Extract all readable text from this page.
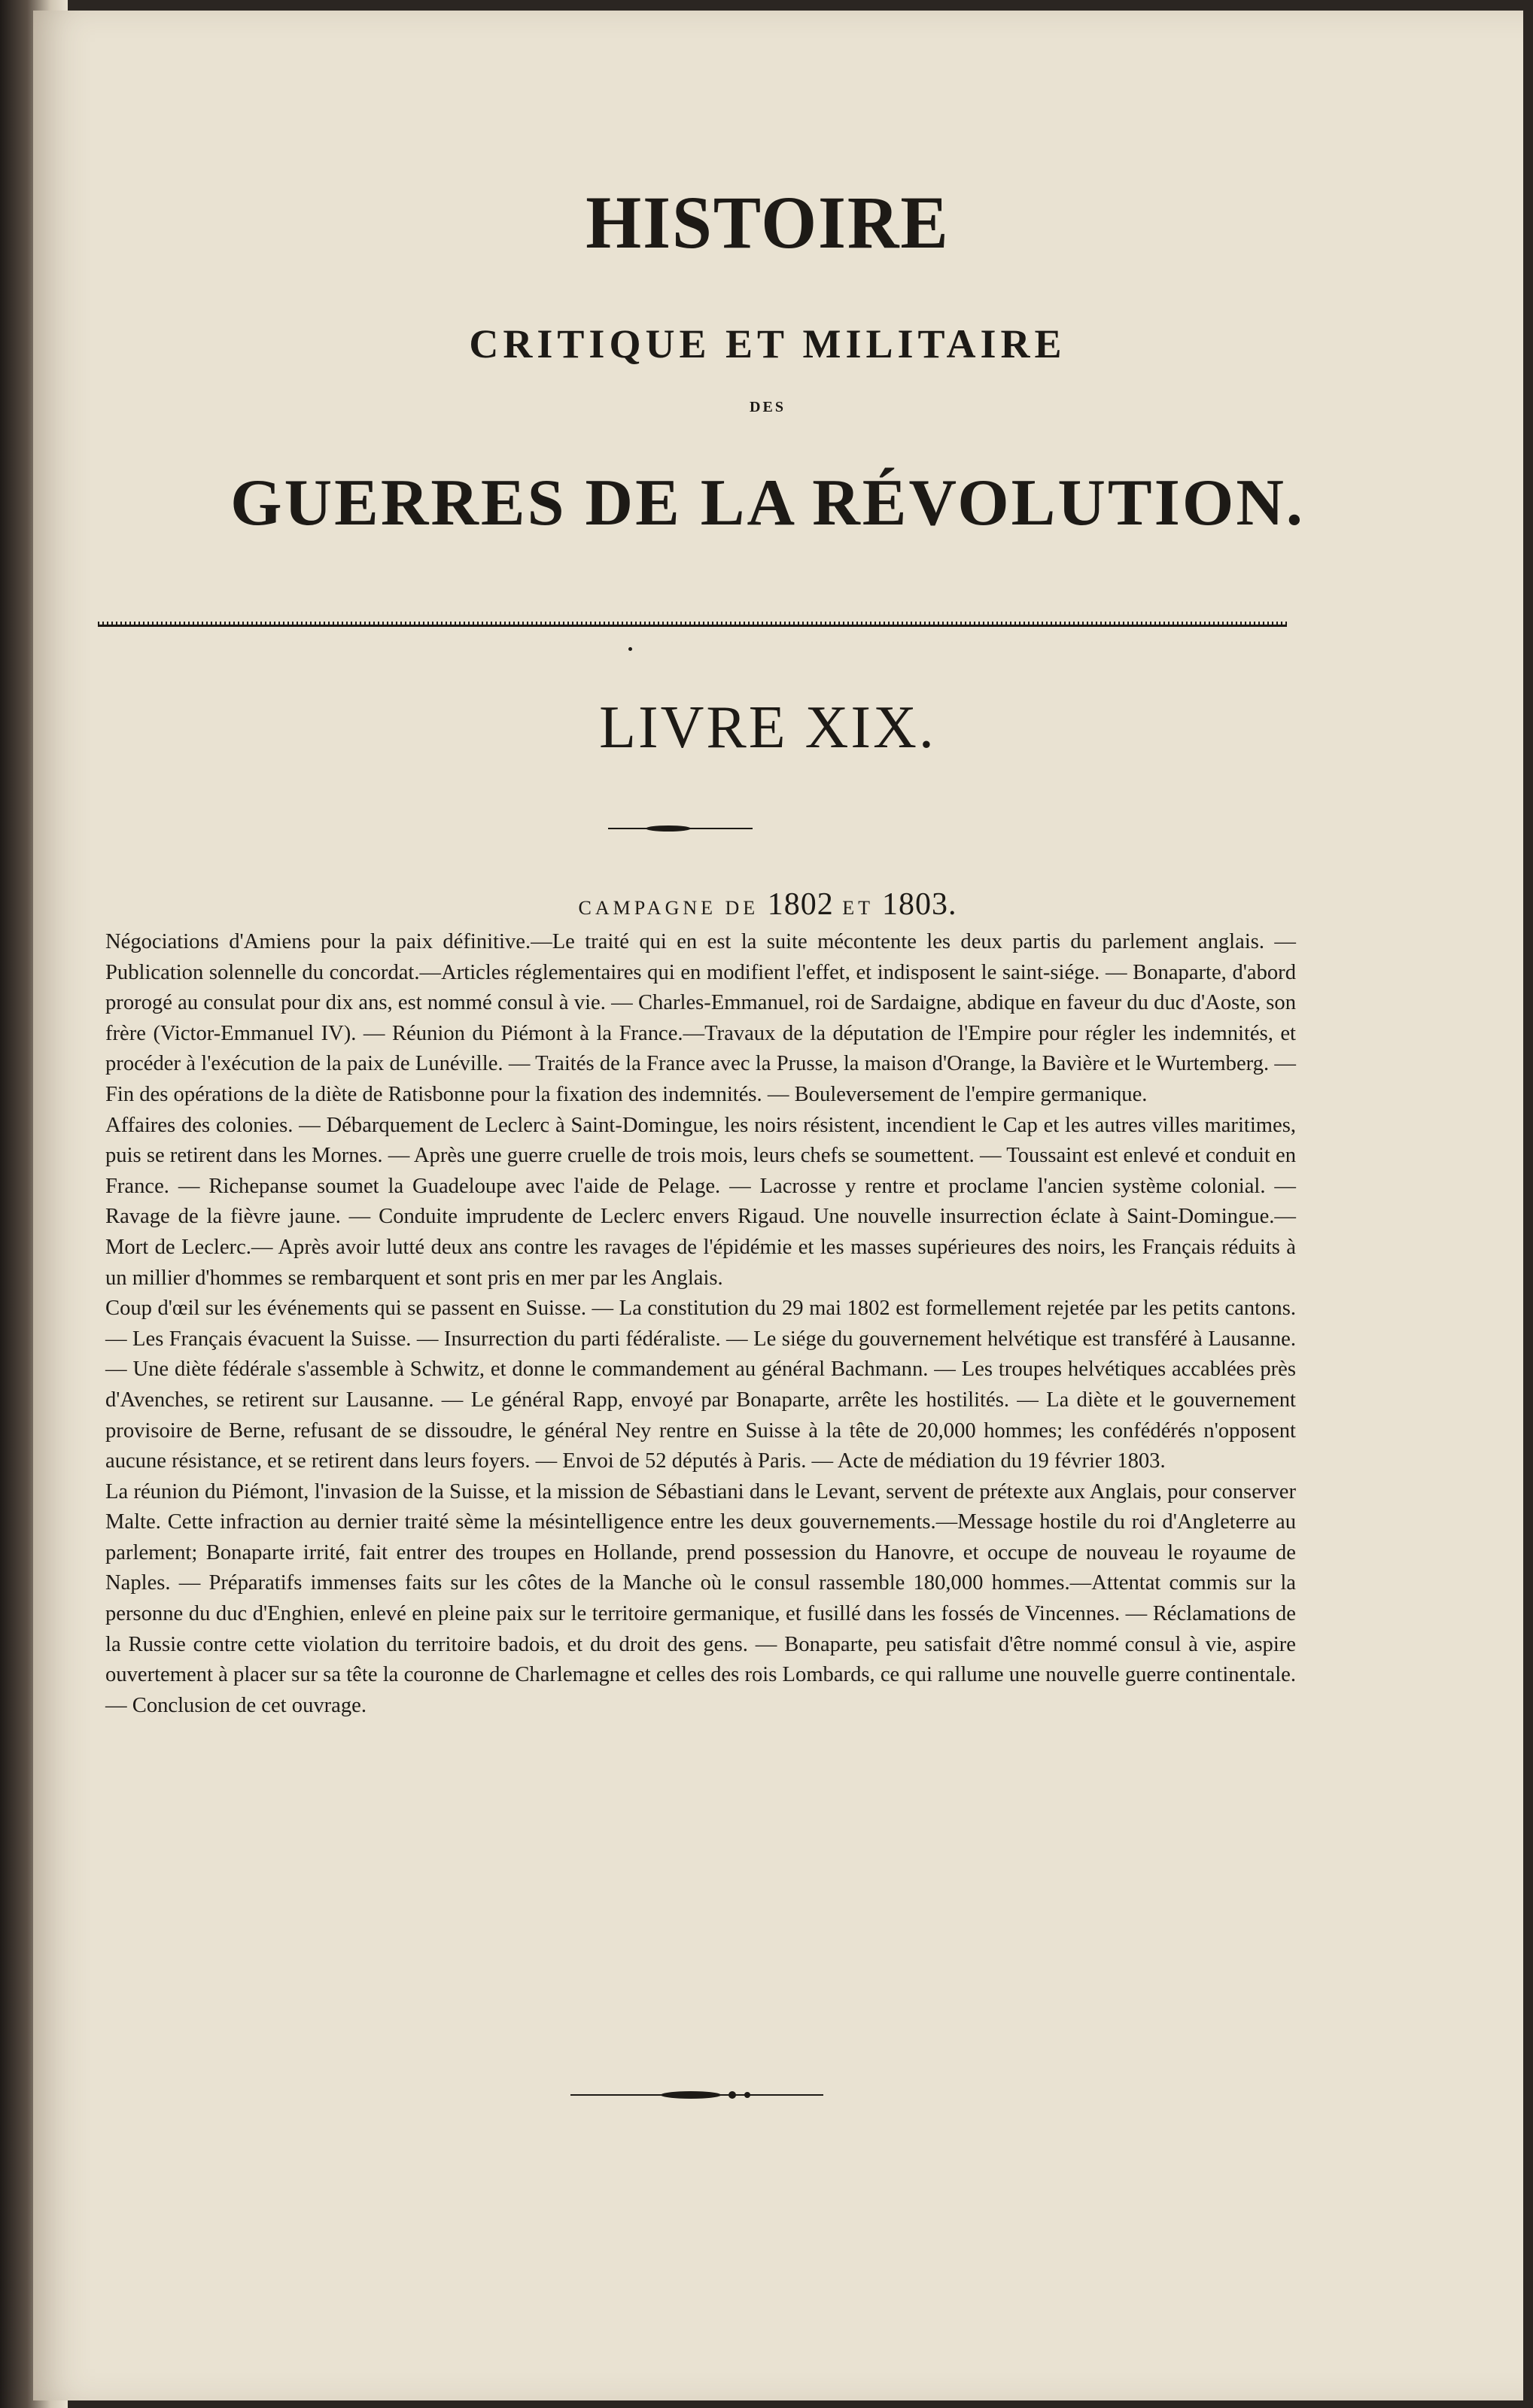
HISTOIRE
CRITIQUE ET MILITAIRE
DES
GUERRES DE LA RÉVOLUTION.
LIVRE XIX.
CAMPAGNE DE 1802 ET 1803.

Négociations d'Amiens pour la paix définitive.—Le traité qui en est la suite mécontente les deux partis du parlement anglais. — Publication solennelle du concordat.—Articles réglementaires qui en modifient l'effet, et indisposent le saint-siége. — Bonaparte, d'abord prorogé au consulat pour dix ans, est nommé consul à vie. — Charles-Emmanuel, roi de Sardaigne, abdique en faveur du duc d'Aoste, son frère (Victor-Emmanuel IV). — Réunion du Piémont à la France.—Travaux de la députation de l'Empire pour régler les indemnités, et procéder à l'exécution de la paix de Lunéville. — Traités de la France avec la Prusse, la maison d'Orange, la Bavière et le Wurtemberg. — Fin des opérations de la diète de Ratisbonne pour la fixation des indemnités. — Bouleversement de l'empire germanique.

Affaires des colonies. — Débarquement de Leclerc à Saint-Domingue, les noirs résistent, incendient le Cap et les autres villes maritimes, puis se retirent dans les Mornes. — Après une guerre cruelle de trois mois, leurs chefs se soumettent. — Toussaint est enlevé et conduit en France. — Richepanse soumet la Guadeloupe avec l'aide de Pelage. — Lacrosse y rentre et proclame l'ancien système colonial. — Ravage de la fièvre jaune. — Conduite imprudente de Leclerc envers Rigaud. Une nouvelle insurrection éclate à Saint-Domingue.— Mort de Leclerc.— Après avoir lutté deux ans contre les ravages de l'épidémie et les masses supérieures des noirs, les Français réduits à un millier d'hommes se rembarquent et sont pris en mer par les Anglais.

Coup d'œil sur les événements qui se passent en Suisse. — La constitution du 29 mai 1802 est formellement rejetée par les petits cantons. — Les Français évacuent la Suisse. — Insurrection du parti fédéraliste. — Le siége du gouvernement helvétique est transféré à Lausanne. — Une diète fédérale s'assemble à Schwitz, et donne le commandement au général Bachmann. — Les troupes helvétiques accablées près d'Avenches, se retirent sur Lausanne. — Le général Rapp, envoyé par Bonaparte, arrête les hostilités. — La diète et le gouvernement provisoire de Berne, refusant de se dissoudre, le général Ney rentre en Suisse à la tête de 20,000 hommes; les confédérés n'opposent aucune résistance, et se retirent dans leurs foyers. — Envoi de 52 députés à Paris. — Acte de médiation du 19 février 1803.

La réunion du Piémont, l'invasion de la Suisse, et la mission de Sébastiani dans le Levant, servent de prétexte aux Anglais, pour conserver Malte. Cette infraction au dernier traité sème la mésintelligence entre les deux gouvernements.—Message hostile du roi d'Angleterre au parlement; Bonaparte irrité, fait entrer des troupes en Hollande, prend possession du Hanovre, et occupe de nouveau le royaume de Naples. — Préparatifs immenses faits sur les côtes de la Manche où le consul rassemble 180,000 hommes.—Attentat commis sur la personne du duc d'Enghien, enlevé en pleine paix sur le territoire germanique, et fusillé dans les fossés de Vincennes. — Réclamations de la Russie contre cette violation du territoire badois, et du droit des gens. — Bonaparte, peu satisfait d'être nommé consul à vie, aspire ouvertement à placer sur sa tête la couronne de Charlemagne et celles des rois Lombards, ce qui rallume une nouvelle guerre continentale. — Conclusion de cet ouvrage.
